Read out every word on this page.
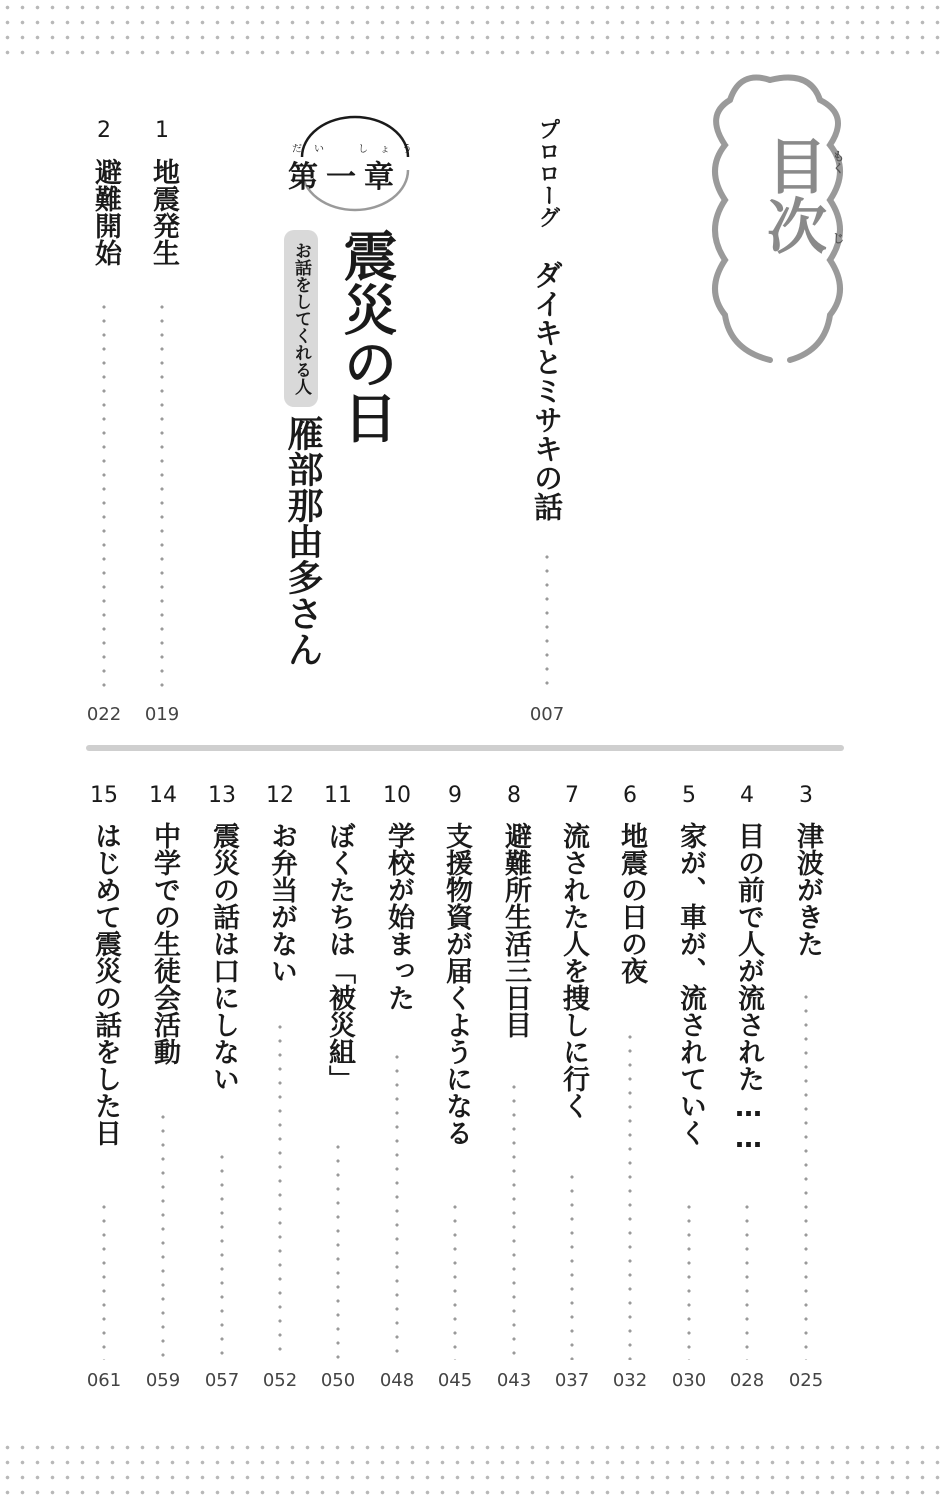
目次 もく
じ
プロローグ
ダイキとミサキの話
007
だい　しょう
第一章
震災の日
お話をしてくれる人
雁部那由多さん
1
地震発生
019
2
避難開始
022
3
津波がきた
025
4
目の前で人が流された……
028
5
家が、車が、流されていく
030
6
地震の日の夜
032
7
流された人を捜しに行く
037
8
避難所生活三日目
043
9
支援物資が届くようになる
045
10
学校が始まった
048
11
ぼくたちは「被災組」
050
12
お弁当がない
052
13
震災の話は口にしない
057
14
中学での生徒会活動
059
15
はじめて震災の話をした日
061
